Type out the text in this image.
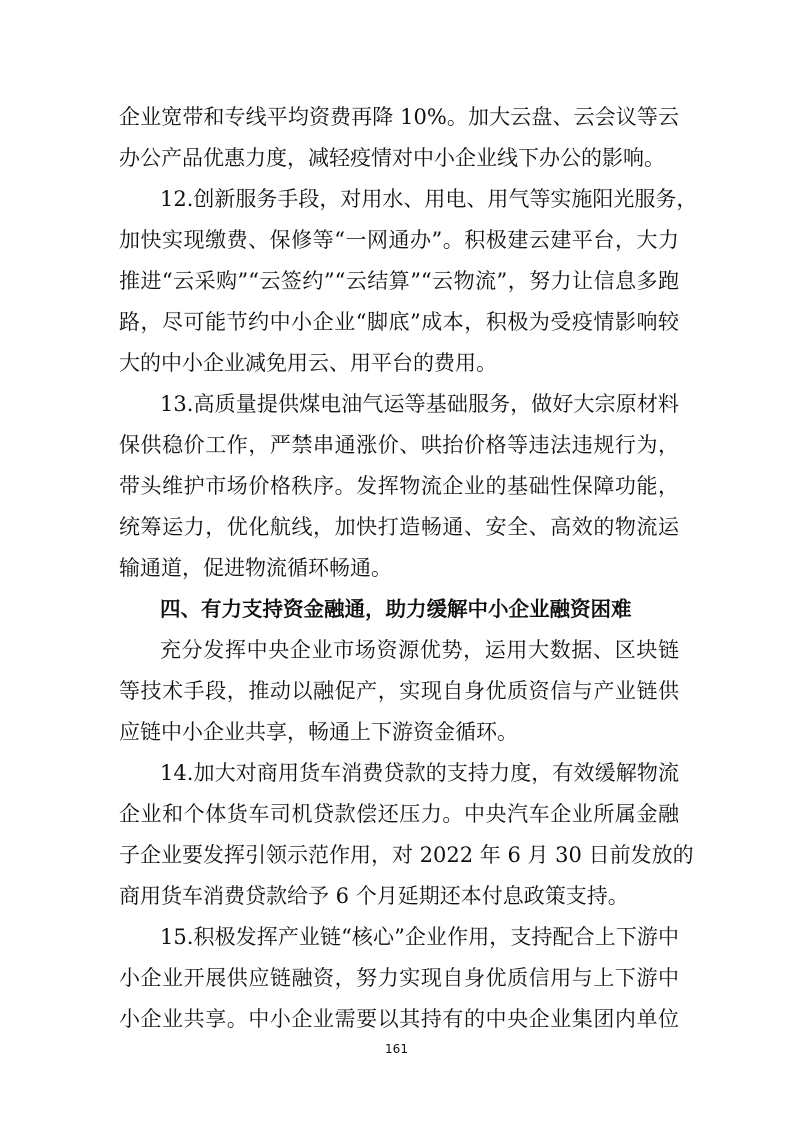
企业宽带和专线平均资费再降 10%。加大云盘、云会议等云
办公产品优惠力度，减轻疫情对中小企业线下办公的影响。
12.创新服务手段，对用水、用电、用气等实施阳光服务，
加快实现缴费、保修等“一网通办”。积极建云建平台，大力
推进“云采购”“云签约”“云结算”“云物流”，努力让信息多跑
路，尽可能节约中小企业“脚底”成本，积极为受疫情影响较
大的中小企业减免用云、用平台的费用。
13.高质量提供煤电油气运等基础服务，做好大宗原材料
保供稳价工作，严禁串通涨价、哄抬价格等违法违规行为，
带头维护市场价格秩序。发挥物流企业的基础性保障功能，
统筹运力，优化航线，加快打造畅通、安全、高效的物流运
输通道，促进物流循环畅通。
四、有力支持资金融通，助力缓解中小企业融资困难
充分发挥中央企业市场资源优势，运用大数据、区块链
等技术手段，推动以融促产，实现自身优质资信与产业链供
应链中小企业共享，畅通上下游资金循环。
14.加大对商用货车消费贷款的支持力度，有效缓解物流
企业和个体货车司机贷款偿还压力。中央汽车企业所属金融
子企业要发挥引领示范作用，对 2022 年 6 月 30 日前发放的
商用货车消费贷款给予 6 个月延期还本付息政策支持。
15.积极发挥产业链“核心”企业作用，支持配合上下游中
小企业开展供应链融资，努力实现自身优质信用与上下游中
小企业共享。中小企业需要以其持有的中央企业集团内单位
161
